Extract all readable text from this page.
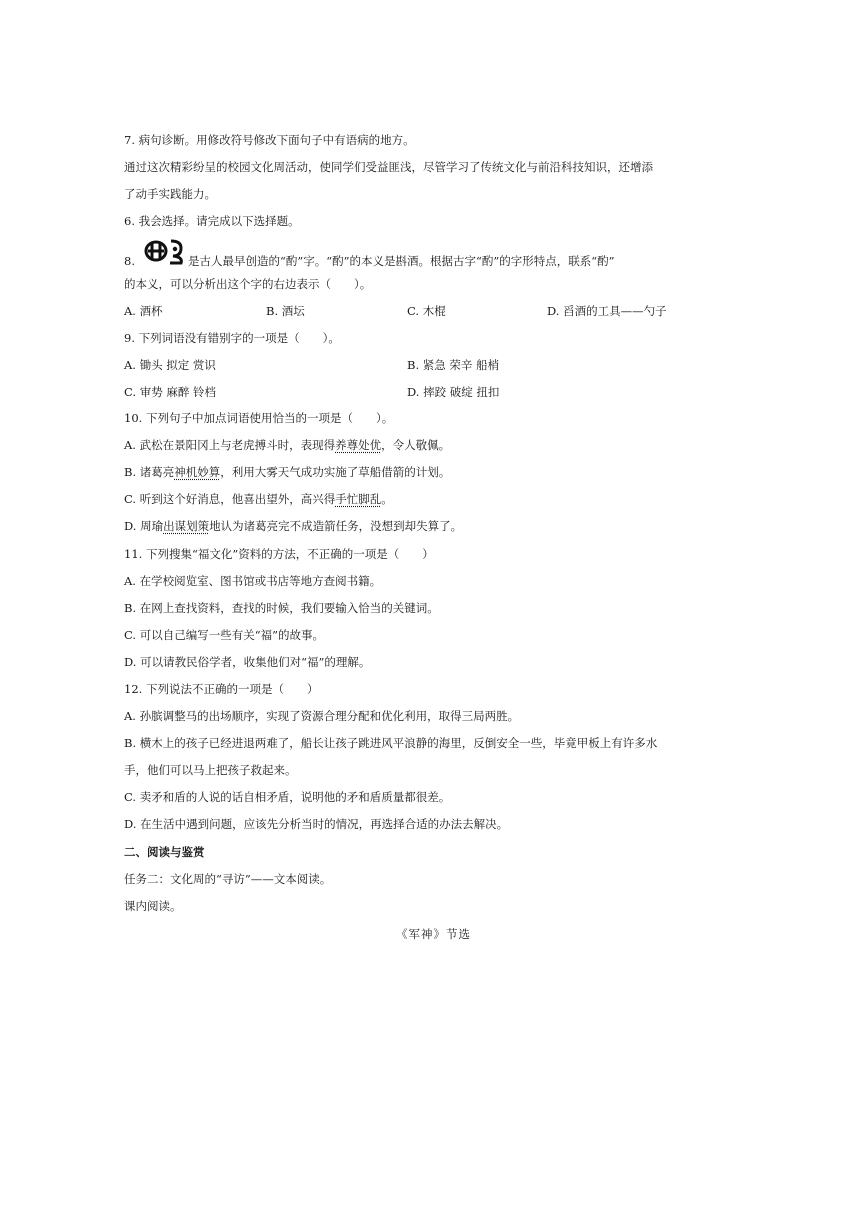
7. 病句诊断。用修改符号修改下面句子中有语病的地方。
通过这次精彩纷呈的校园文化周活动，使同学们受益匪浅，尽管学习了传统文化与前沿科技知识，还增添
了动手实践能力。
6. 我会选择。请完成以下选择题。
8.	是古人最早创造的“酌”字。“酌”的本义是斟酒。根据古字“酌”的字形特点，联系“酌”
的本义，可以分析出这个字的右边表示（　　）。
A. 酒杯	B. 酒坛	C. 木棍	D. 舀酒的工具——勺子
9. 下列词语没有错别字的一项是（　　）。
A. 锄头 拟定 赏识	B. 紧急 荣辛 船梢
C. 审势 麻醉 铃档	D. 摔跤 破绽 扭扣
10. 下列句子中加点词语使用恰当的一项是（　　）。
A. 武松在景阳冈上与老虎搏斗时，表现得养尊处优，令人敬佩。
B. 诸葛亮神机妙算，利用大雾天气成功实施了草船借箭的计划。
C. 听到这个好消息，他喜出望外，高兴得手忙脚乱。
D. 周瑜出谋划策地认为诸葛亮完不成造箭任务，没想到却失算了。
11. 下列搜集“福文化”资料的方法，不正确的一项是（　　）
A. 在学校阅览室、图书馆或书店等地方查阅书籍。
B. 在网上查找资料，查找的时候，我们要输入恰当的关键词。
C. 可以自己编写一些有关“福”的故事。
D. 可以请教民俗学者，收集他们对“福”的理解。
12. 下列说法不正确的一项是（　　）
A. 孙膑调整马的出场顺序，实现了资源合理分配和优化利用，取得三局两胜。
B. 横木上的孩子已经进退两难了，船长让孩子跳进风平浪静的海里，反倒安全一些，毕竟甲板上有许多水
手，他们可以马上把孩子救起来。
C. 卖矛和盾的人说的话自相矛盾，说明他的矛和盾质量都很差。
D. 在生活中遇到问题，应该先分析当时的情况，再选择合适的办法去解决。
二、阅读与鉴赏
任务二：文化周的“寻访”——文本阅读。
课内阅读。
《军神》节选
